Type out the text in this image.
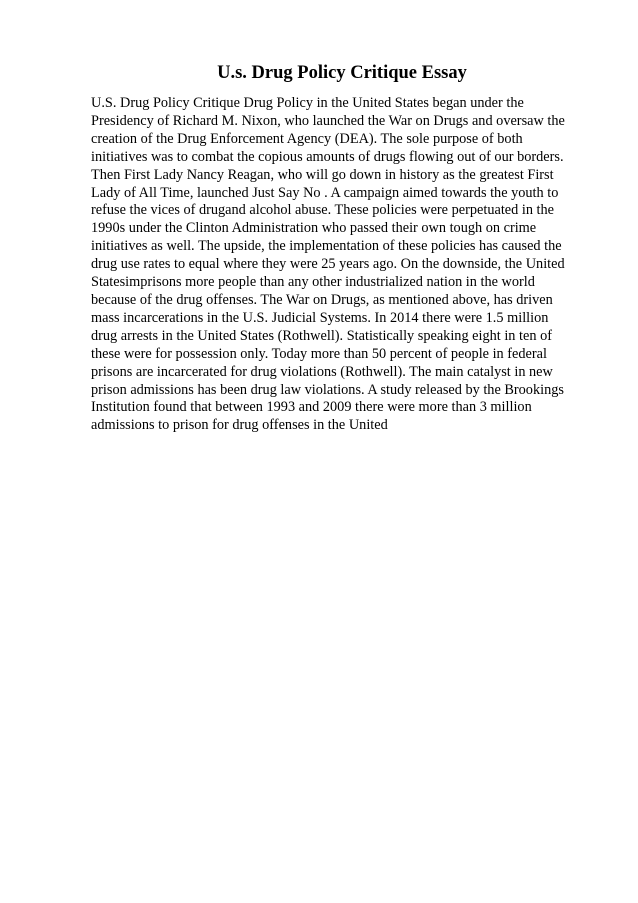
U.s. Drug Policy Critique Essay

U.S. Drug Policy Critique Drug Policy in the United States began under the
Presidency of Richard M. Nixon, who launched the War on Drugs and oversaw the
creation of the Drug Enforcement Agency (DEA). The sole purpose of both
initiatives was to combat the copious amounts of drugs flowing out of our borders.
Then First Lady Nancy Reagan, who will go down in history as the greatest First
Lady of All Time, launched Just Say No . A campaign aimed towards the youth to
refuse the vices of drugand alcohol abuse. These policies were perpetuated in the
1990s under the Clinton Administration who passed their own tough on crime
initiatives as well. The upside, the implementation of these policies has caused the
drug use rates to equal where they were 25 years ago. On the downside, the United
Statesimprisons more people than any other industrialized nation in the world
because of the drug offenses. The War on Drugs, as mentioned above, has driven
mass incarcerations in the U.S. Judicial Systems. In 2014 there were 1.5 million
drug arrests in the United States (Rothwell). Statistically speaking eight in ten of
these were for possession only. Today more than 50 percent of people in federal
prisons are incarcerated for drug violations (Rothwell). The main catalyst in new
prison admissions has been drug law violations. A study released by the Brookings
Institution found that between 1993 and 2009 there were more than 3 million
admissions to prison for drug offenses in the United
